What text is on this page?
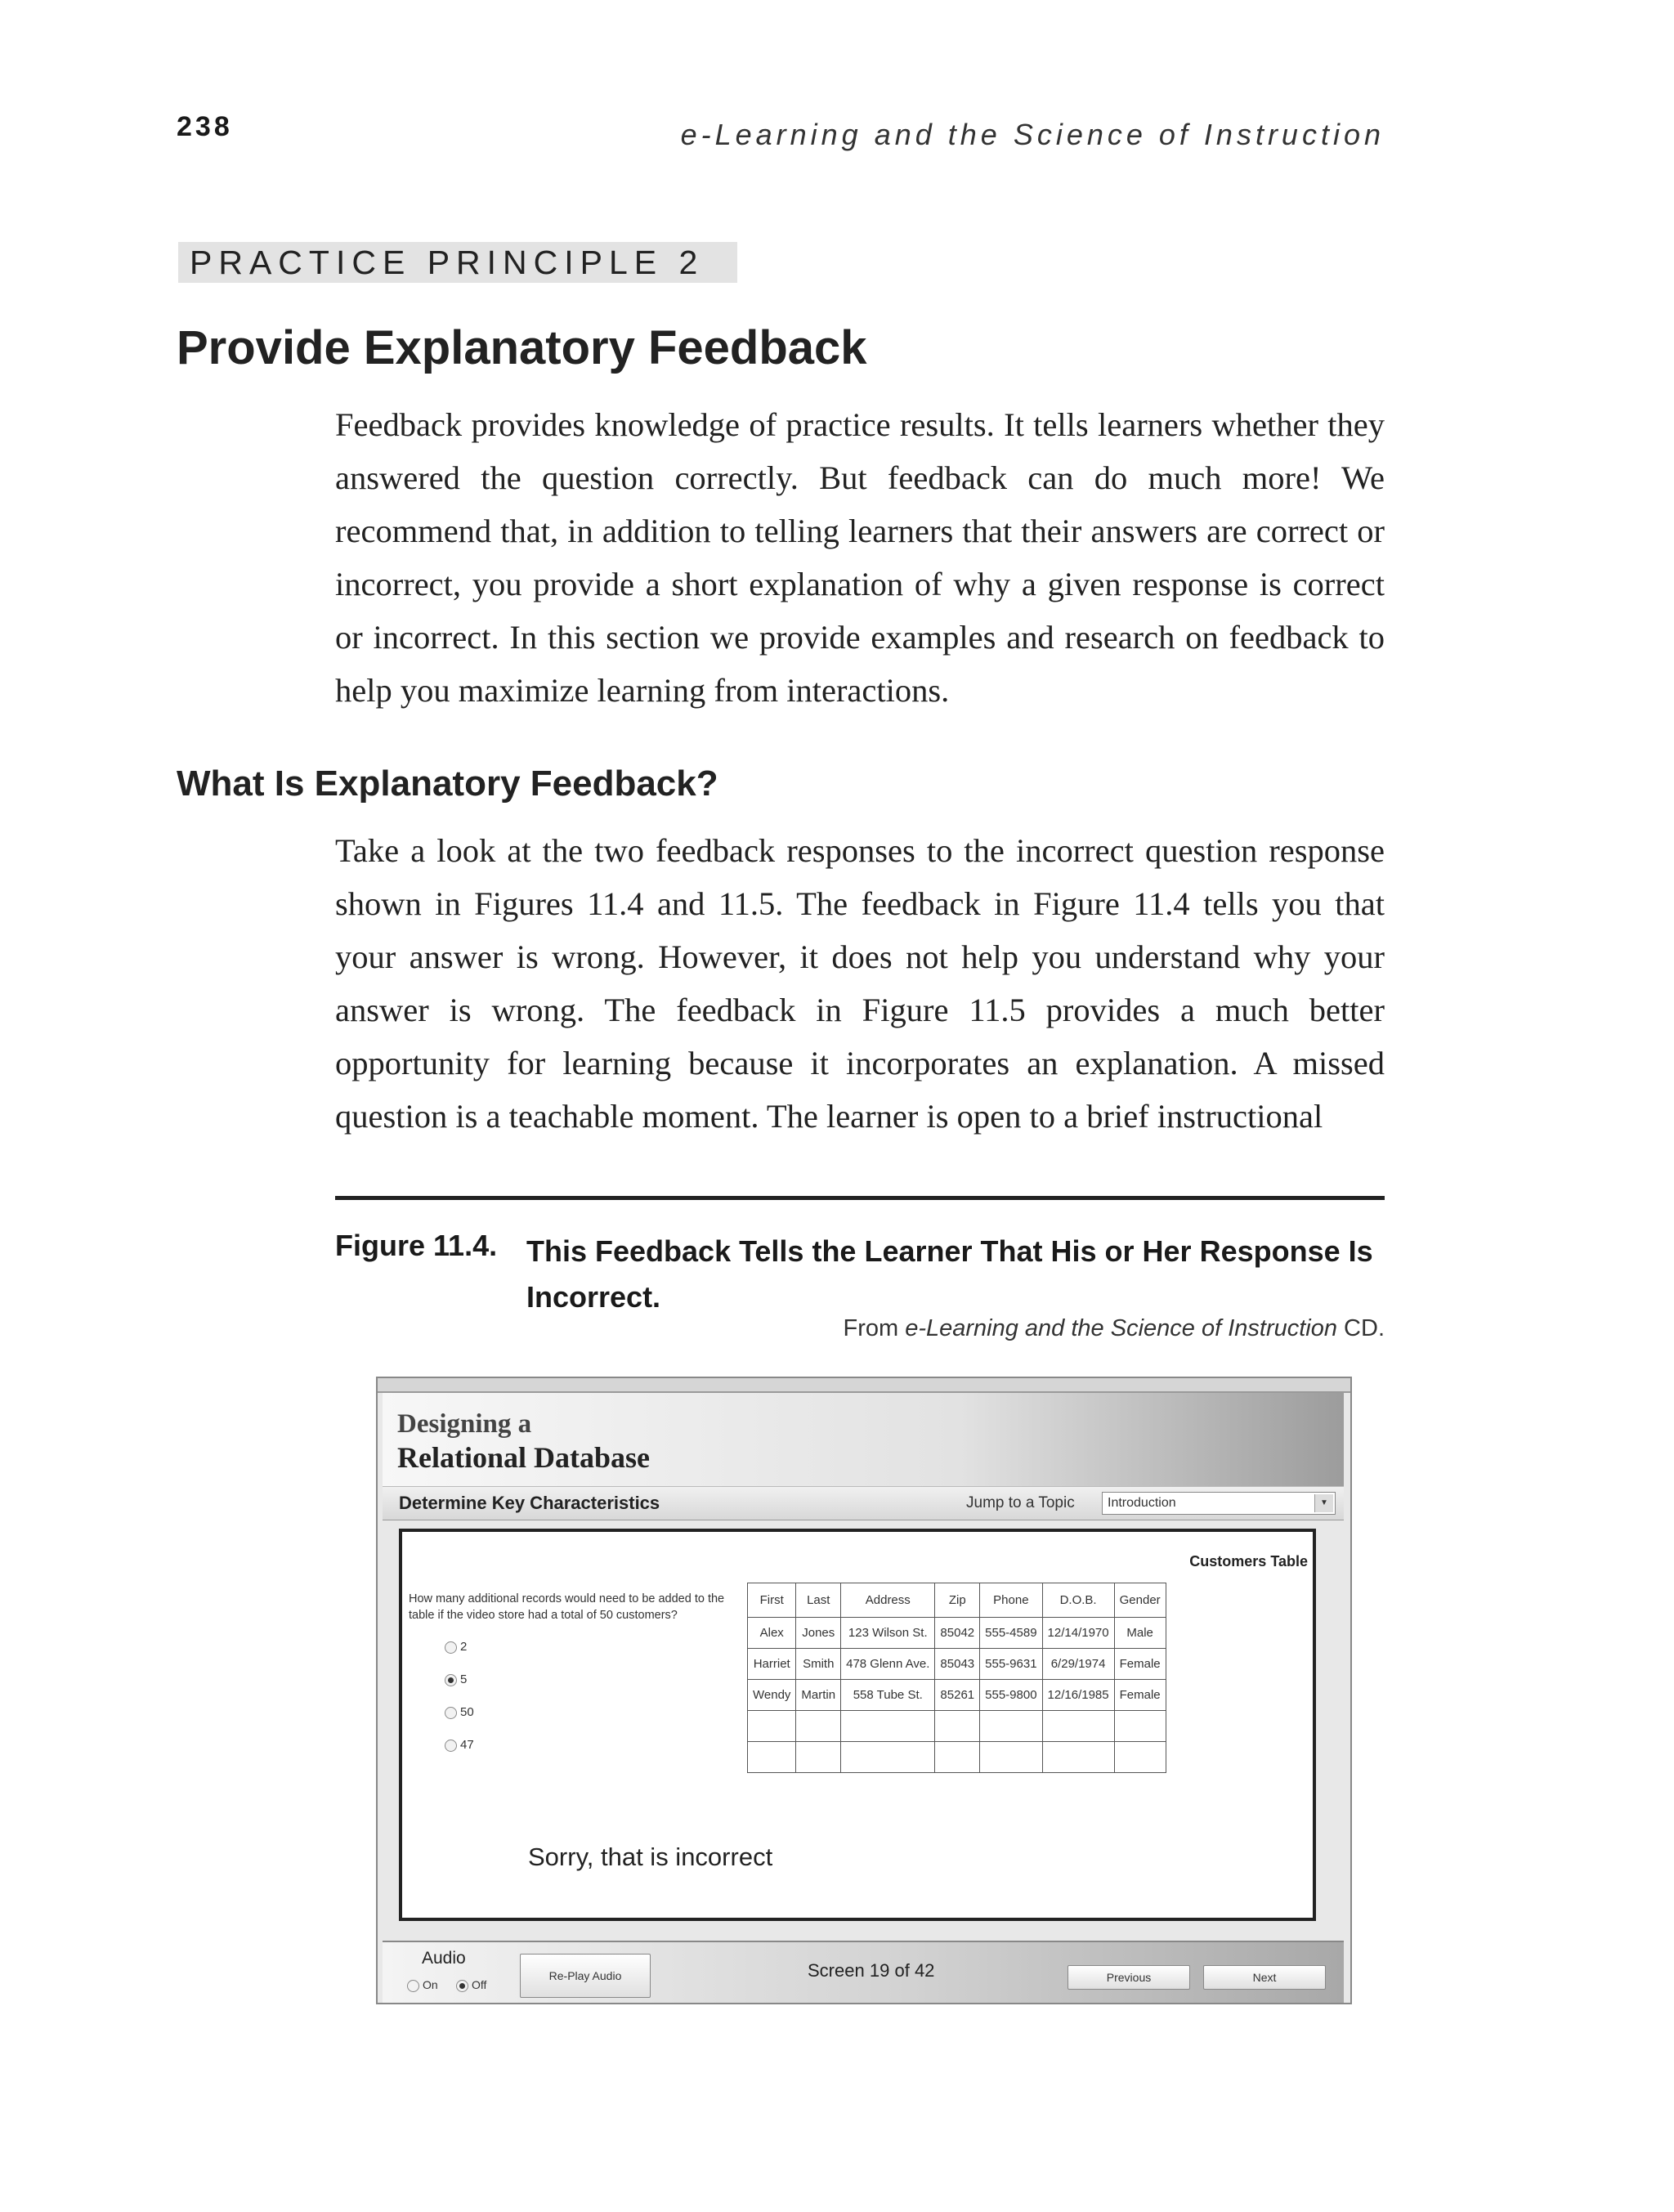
238	e-Learning and the Science of Instruction
PRACTICE PRINCIPLE 2
Provide Explanatory Feedback
Feedback provides knowledge of practice results. It tells learners whether they answered the question correctly. But feedback can do much more! We recommend that, in addition to telling learners that their answers are correct or incorrect, you provide a short explanation of why a given response is correct or incorrect. In this section we provide examples and research on feedback to help you maximize learning from interactions.
What Is Explanatory Feedback?
Take a look at the two feedback responses to the incorrect question response shown in Figures 11.4 and 11.5. The feedback in Figure 11.4 tells you that your answer is wrong. However, it does not help you understand why your answer is wrong. The feedback in Figure 11.5 provides a much better opportunity for learning because it incorporates an explanation. A missed question is a teachable moment. The learner is open to a brief instructional
Figure 11.4. This Feedback Tells the Learner That His or Her Response Is Incorrect.
From e-Learning and the Science of Instruction CD.
Designing a
Relational Database
Determine Key Characteristics	Jump to a Topic	Introduction	▼
Customers Table
How many additional records would need to be added to the table if the video store had a total of 50 customers?
2
5
50
47
First	Last	Address	Zip	Phone	D.O.B.	Gender
Alex	Jones	123 Wilson St.	85042	555-4589	12/14/1970	Male
Harriet	Smith	478 Glenn Ave.	85043	555-9631	6/29/1974	Female
Wendy	Martin	558 Tube St.	85261	555-9800	12/16/1985	Female

Sorry, that is incorrect
Audio
On	Off
Re-Play Audio	Screen 19 of 42	Previous	Next
